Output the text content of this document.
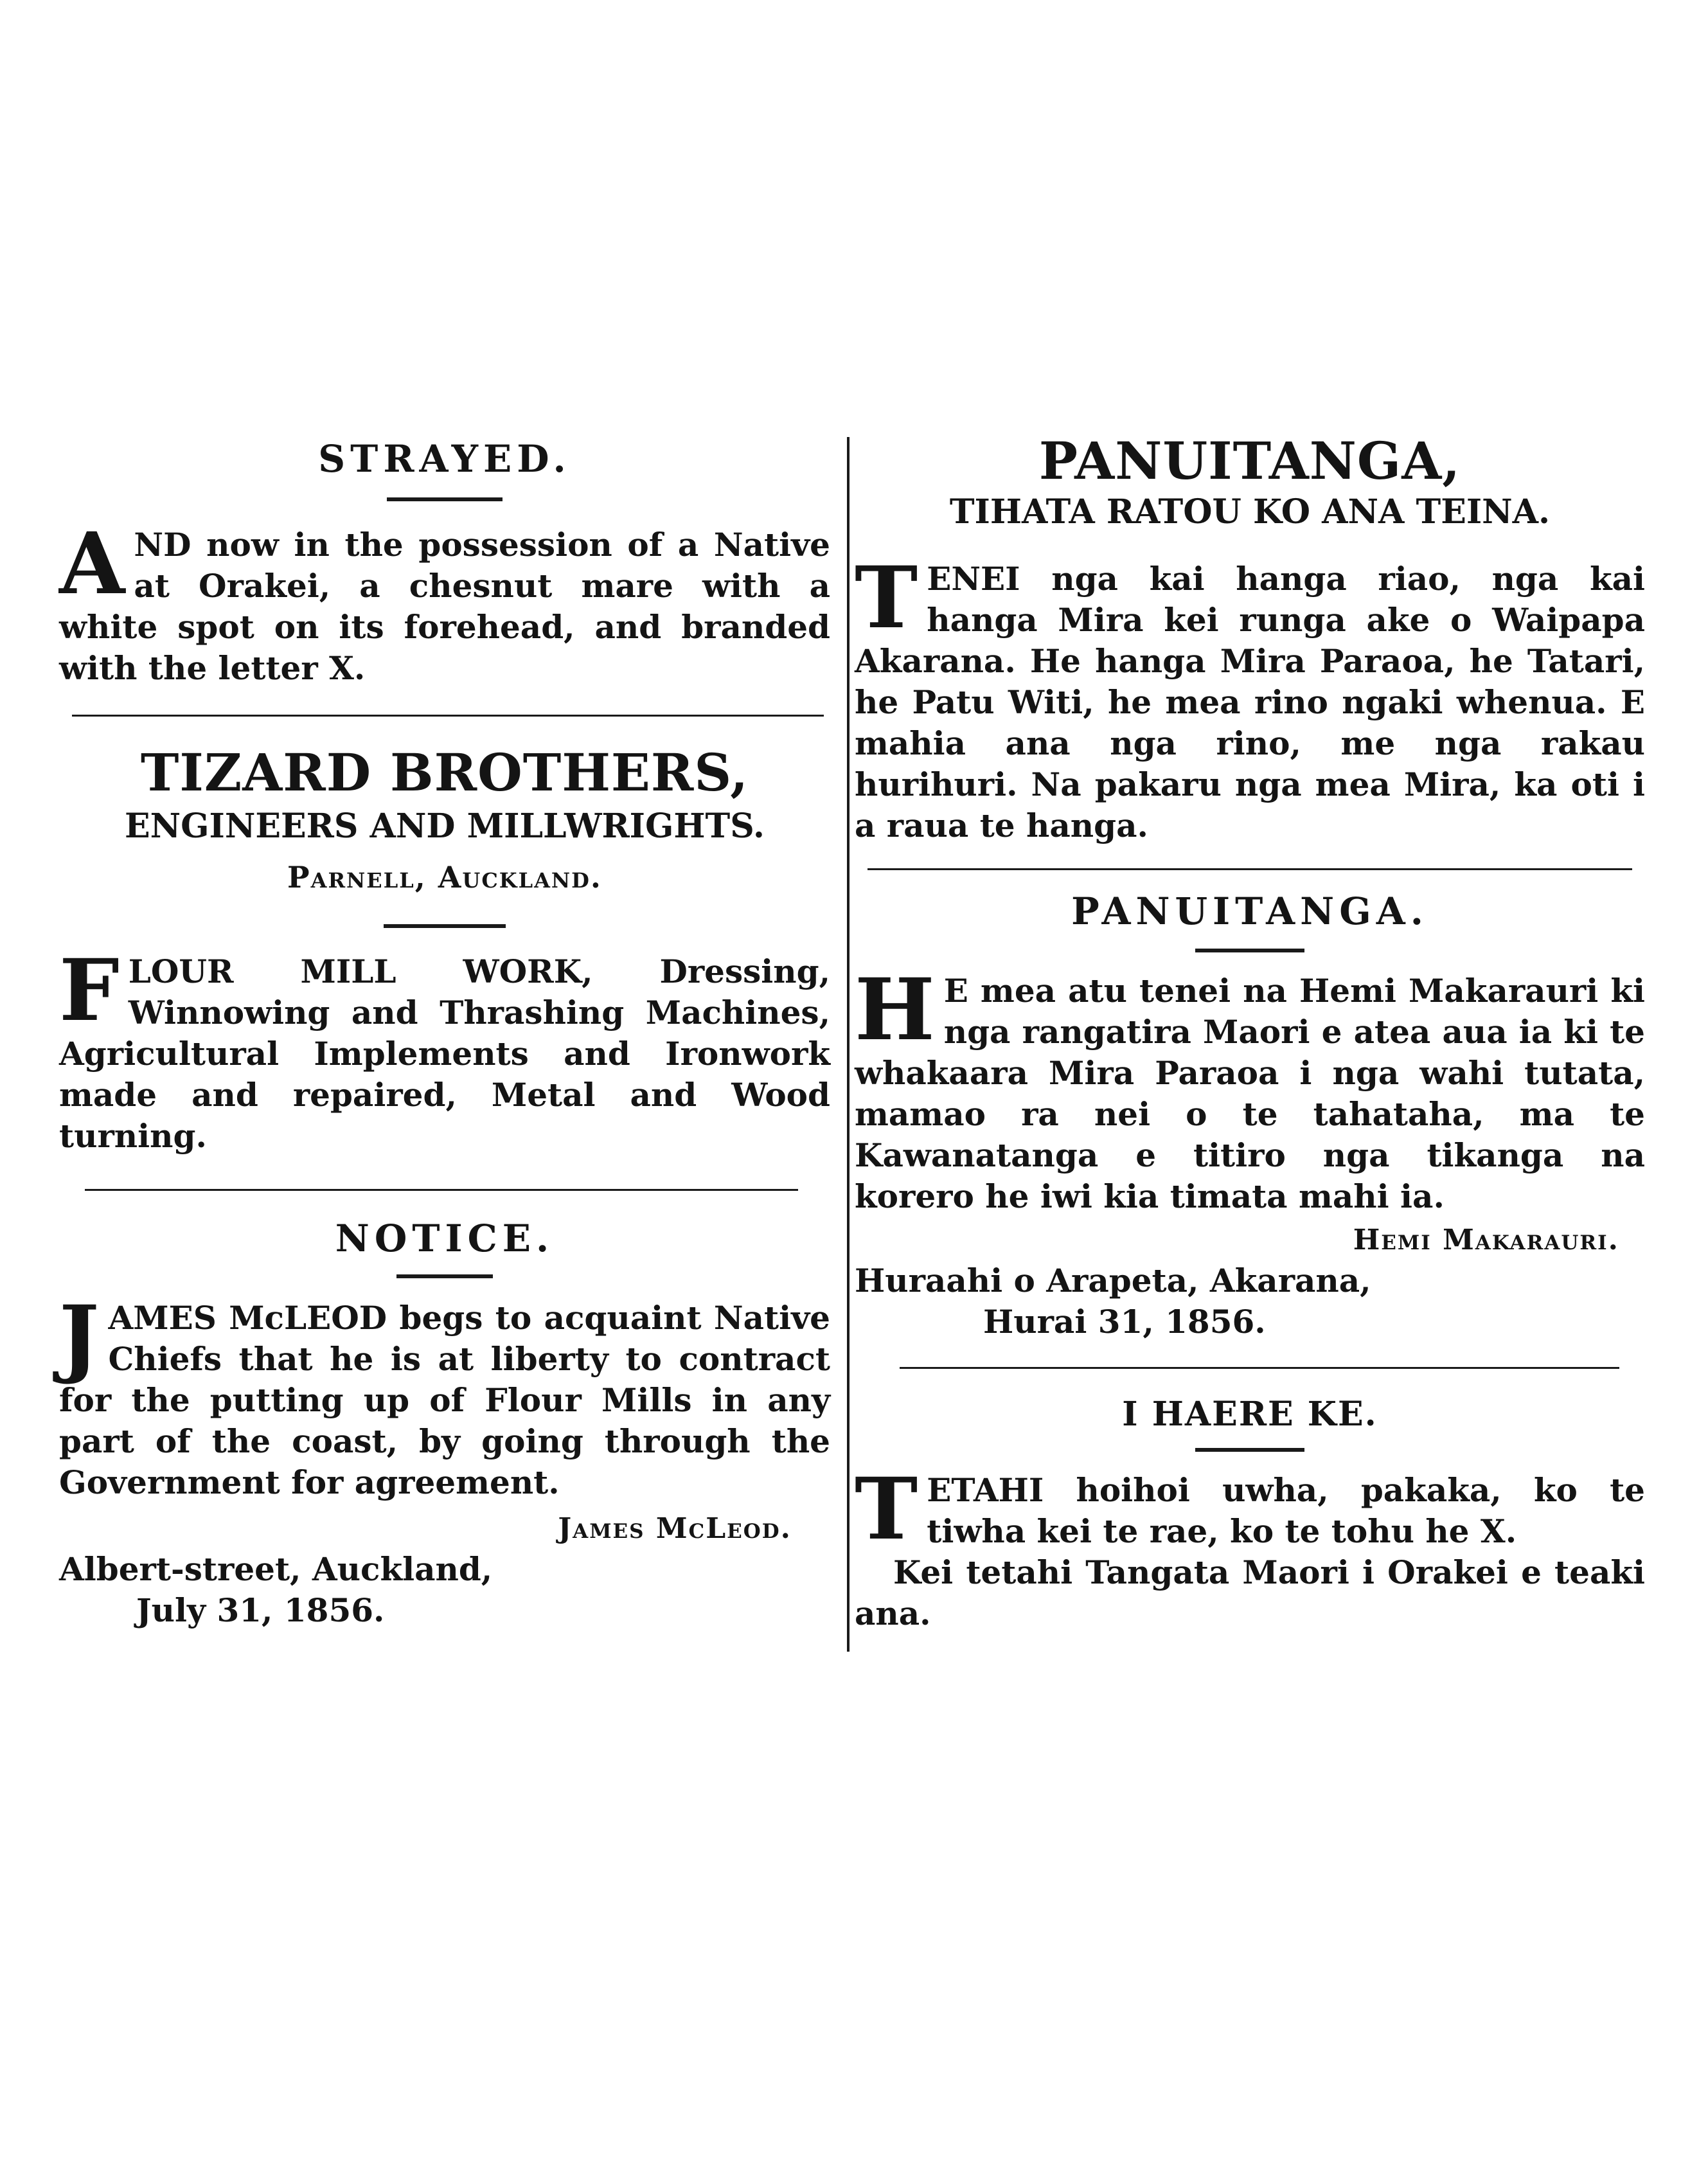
STRAYED.

AND now in the possession of a Native at Orakei, a chesnut mare with a white spot on its forehead, and branded with the letter X.

TIZARD BROTHERS,
ENGINEERS AND MILLWRIGHTS.
Parnell, Auckland.

FLOUR MILL WORK, Dressing, Winnowing and Thrashing Machines, Agricultural Implements and Ironwork made and repaired, Metal and Wood turning.

NOTICE.

JAMES McLEOD begs to acquaint Native Chiefs that he is at liberty to contract for the putting up of Flour Mills in any part of the coast, by going through the Government for agreement.

James McLeod.
Albert-street, Auckland,
July 31, 1856.
PANUITANGA,
TIHATA RATOU KO ANA TEINA.

TENEI nga kai hanga riao, nga kai hanga Mira kei runga ake o Waipapa Akarana. He hanga Mira Paraoa, he Tatari, he Patu Witi, he mea rino ngaki whenua. E mahia ana nga rino, me nga rakau hurihuri. Na pakaru nga mea Mira, ka oti i a raua te hanga.

PANUITANGA.

H E mea atu tenei na Hemi Makarauri ki nga rangatira Maori e atea aua ia ki te whakaara Mira Paraoa i nga wahi tutata, mamao ra nei o te tahataha, ma te Kawanatanga e titiro nga tikanga na korero he iwi kia timata mahi ia.

Hemi Makarauri.
Huraahi o Arapeta, Akarana,
Hurai 31, 1856.
I HAERE KE.

TETAHI hoihoi uwha, pakaka, ko te tiwha kei te rae, ko te tohu he X.

Kei tetahi Tangata Maori i Orakei e teaki ana.
